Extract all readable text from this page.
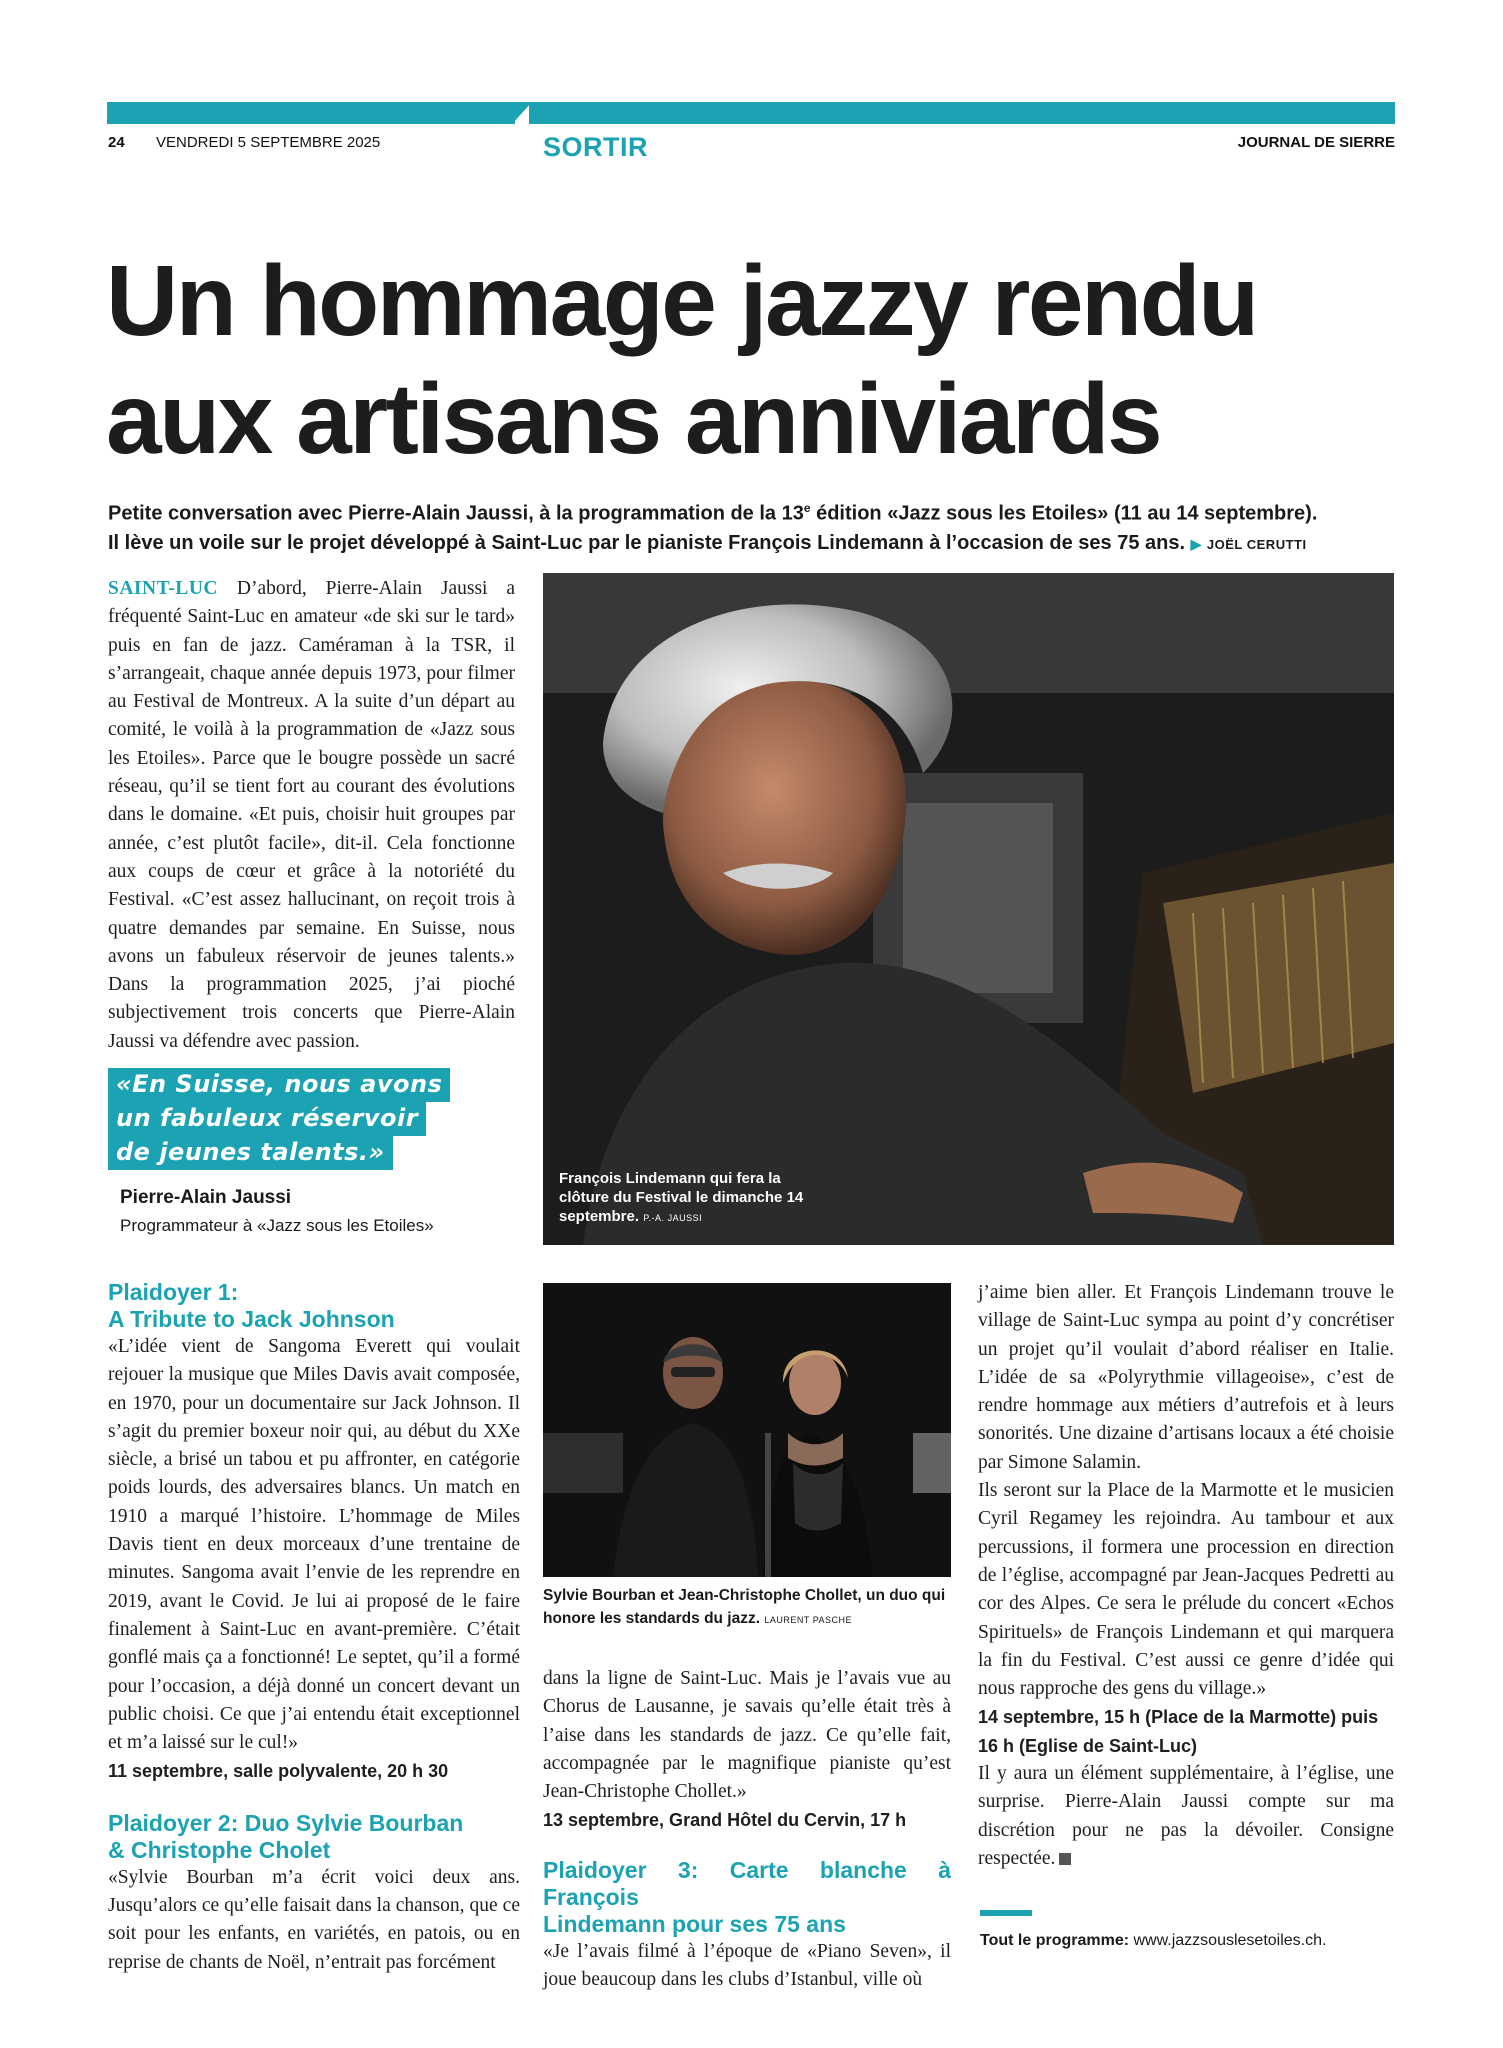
24 VENDREDI 5 SEPTEMBRE 2025	SORTIR	JOURNAL DE SIERRE
Un hommage jazzy rendu
aux artisans anniviards
Petite conversation avec Pierre-Alain Jaussi, à la programmation de la 13e édition «Jazz sous les Etoiles» (11 au 14 septembre).
Il lève un voile sur le projet développé à Saint-Luc par le pianiste François Lindemann à l’occasion de ses 75 ans. ▶ JOËL CERUTTI

SAINT-LUC D’abord, Pierre-Alain Jaussi a fréquenté Saint-Luc en amateur «de ski sur le tard» puis en fan de jazz. Caméraman à la TSR, il s’arrangeait, chaque année depuis 1973, pour filmer au Festival de Montreux. A la suite d’un départ au comité, le voilà à la programmation de «Jazz sous les Etoiles». Parce que le bougre possède un sacré réseau, qu’il se tient fort au courant des évolutions dans le domaine. «Et puis, choisir huit groupes par année, c’est plutôt facile», dit-il. Cela fonctionne aux coups de cœur et grâce à la notoriété du Festival. «C’est assez hallucinant, on reçoit trois à quatre demandes par semaine. En Suisse, nous avons un fabuleux réservoir de jeunes talents.» Dans la programmation 2025, j’ai pioché subjectivement trois concerts que Pierre-Alain Jaussi va défendre avec passion.

«En Suisse, nous avons
un fabuleux réservoir
de jeunes talents.»
Pierre-Alain Jaussi
Programmateur à «Jazz sous les Etoiles»
François Lindemann qui fera la clôture du Festival le dimanche 14 septembre. P.-A. JAUSSI
Sylvie Bourban et Jean-Christophe Chollet, un duo qui honore les standards du jazz. LAURENT PASCHE
Plaidoyer 1:
A Tribute to Jack Johnson

«L’idée vient de Sangoma Everett qui voulait rejouer la musique que Miles Davis avait composée, en 1970, pour un documentaire sur Jack Johnson. Il s’agit du premier boxeur noir qui, au début du XXe siècle, a brisé un tabou et pu affronter, en catégorie poids lourds, des adversaires blancs. Un match en 1910 a marqué l’histoire. L’hommage de Miles Davis tient en deux morceaux d’une trentaine de minutes. Sangoma avait l’envie de les reprendre en 2019, avant le Covid. Je lui ai proposé de le faire finalement à Saint-Luc en avant-première. C’était gonflé mais ça a fonctionné! Le septet, qu’il a formé pour l’occasion, a déjà donné un concert devant un public choisi. Ce que j’ai entendu était exceptionnel et m’a laissé sur le cul!»

11 septembre, salle polyvalente, 20 h 30

Plaidoyer 2: Duo Sylvie Bourban
& Christophe Cholet

«Sylvie Bourban m’a écrit voici deux ans. Jusqu’alors ce qu’elle faisait dans la chanson, que ce soit pour les enfants, en variétés, en patois, ou en reprise de chants de Noël, n’entrait pas forcément

dans la ligne de Saint-Luc. Mais je l’avais vue au Chorus de Lausanne, je savais qu’elle était très à l’aise dans les standards de jazz. Ce qu’elle fait, accompagnée par le magnifique pianiste qu’est Jean-Christophe Chollet.»

13 septembre, Grand Hôtel du Cervin, 17 h

Plaidoyer 3: Carte blanche à François
Lindemann pour ses 75 ans

«Je l’avais filmé à l’époque de «Piano Seven», il joue beaucoup dans les clubs d’Istanbul, ville où

j’aime bien aller. Et François Lindemann trouve le village de Saint-Luc sympa au point d’y concrétiser un projet qu’il voulait d’abord réaliser en Italie. L’idée de sa «Polyrythmie villageoise», c’est de rendre hommage aux métiers d’autrefois et à leurs sonorités. Une dizaine d’artisans locaux a été choisie par Simone Salamin.

Ils seront sur la Place de la Marmotte et le musicien Cyril Regamey les rejoindra. Au tambour et aux percussions, il formera une procession en direction de l’église, accompagné par Jean-Jacques Pedretti au cor des Alpes. Ce sera le prélude du concert «Echos Spirituels» de François Lindemann et qui marquera la fin du Festival. C’est aussi ce genre d’idée qui nous rapproche des gens du village.»

14 septembre, 15 h (Place de la Marmotte) puis 16 h (Eglise de Saint-Luc)

Il y aura un élément supplémentaire, à l’église, une surprise. Pierre-Alain Jaussi compte sur ma discrétion pour ne pas la dévoiler. Consigne respectée.

Tout le programme: www.jazzsouslesetoiles.ch.
